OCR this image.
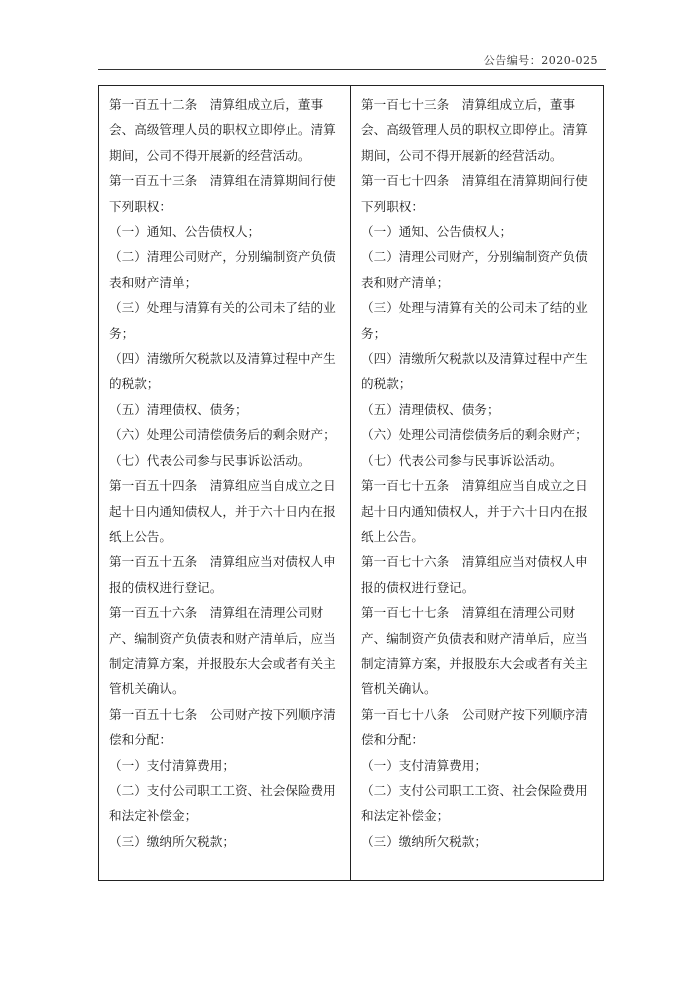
公告编号：2020-025

第一百五十二条　清算组成立后，董事会、高级管理人员的职权立即停止。清算期间，公司不得开展新的经营活动。

第一百五十三条　清算组在清算期间行使下列职权：

（一）通知、公告债权人；

（二）清理公司财产，分别编制资产负债表和财产清单；

（三）处理与清算有关的公司未了结的业务；

（四）清缴所欠税款以及清算过程中产生的税款；

（五）清理债权、债务；

（六）处理公司清偿债务后的剩余财产；

（七）代表公司参与民事诉讼活动。

第一百五十四条　清算组应当自成立之日起十日内通知债权人，并于六十日内在报纸上公告。

第一百五十五条　清算组应当对债权人申报的债权进行登记。

第一百五十六条　清算组在清理公司财产、编制资产负债表和财产清单后，应当制定清算方案，并报股东大会或者有关主管机关确认。

第一百五十七条　公司财产按下列顺序清偿和分配：

（一）支付清算费用；

（二）支付公司职工工资、社会保险费用和法定补偿金；

（三）缴纳所欠税款；

第一百七十三条　清算组成立后，董事会、高级管理人员的职权立即停止。清算期间，公司不得开展新的经营活动。

第一百七十四条　清算组在清算期间行使下列职权：

（一）通知、公告债权人；

（二）清理公司财产，分别编制资产负债表和财产清单；

（三）处理与清算有关的公司未了结的业务；

（四）清缴所欠税款以及清算过程中产生的税款；

（五）清理债权、债务；

（六）处理公司清偿债务后的剩余财产；

（七）代表公司参与民事诉讼活动。

第一百七十五条　清算组应当自成立之日起十日内通知债权人，并于六十日内在报纸上公告。

第一百七十六条　清算组应当对债权人申报的债权进行登记。

第一百七十七条　清算组在清理公司财产、编制资产负债表和财产清单后，应当制定清算方案，并报股东大会或者有关主管机关确认。

第一百七十八条　公司财产按下列顺序清偿和分配：

（一）支付清算费用；

（二）支付公司职工工资、社会保险费用和法定补偿金；

（三）缴纳所欠税款；
